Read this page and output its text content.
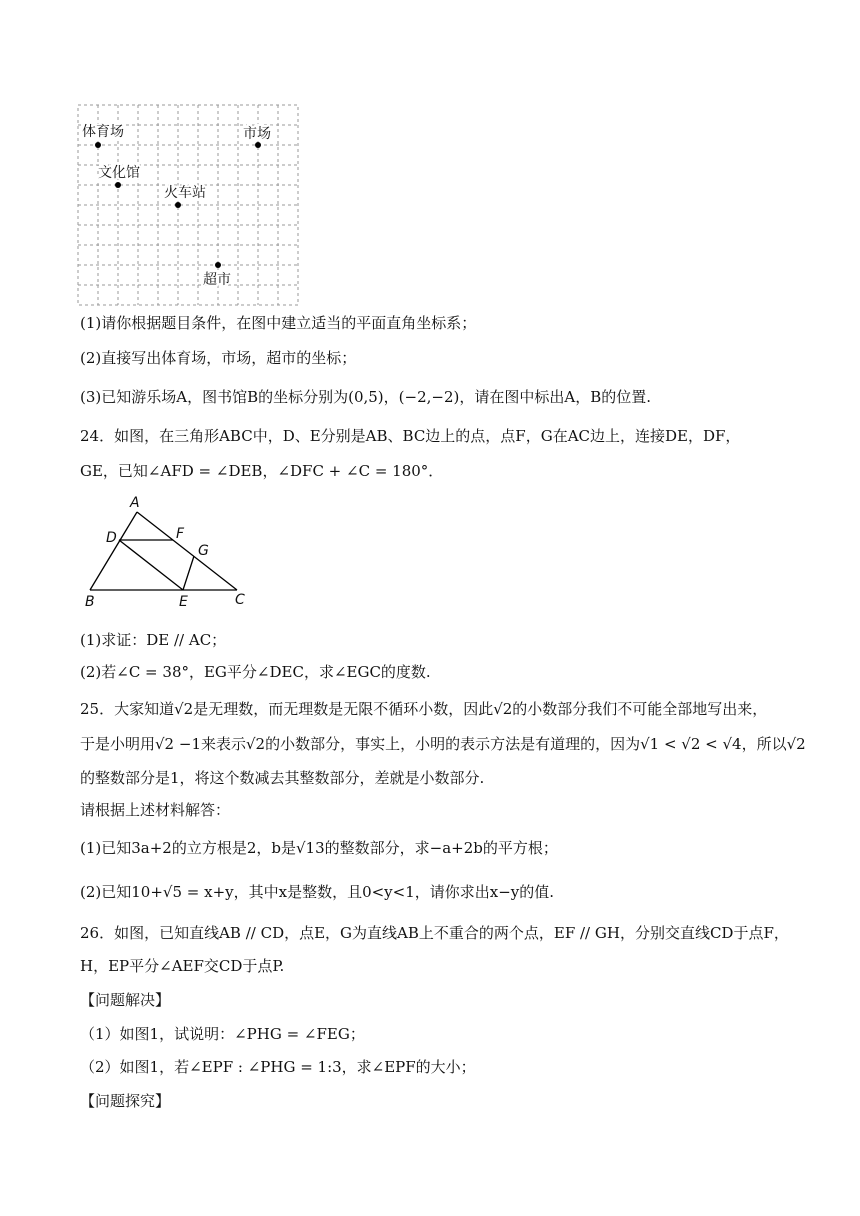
体育场	市场
文化馆
火车站
超市
(1)请你根据题目条件，在图中建立适当的平面直角坐标系；
(2)直接写出体育场，市场，超市的坐标；
(3)已知游乐场A，图书馆B的坐标分别为(0,5)，(−2,−2)，请在图中标出A，B的位置.
24．如图，在三角形ABC中，D、E分别是AB、BC边上的点，点F，G在AC边上，连接DE，DF，
GE，已知∠AFD = ∠DEB，∠DFC + ∠C = 180°．
A
D	F
G
B	E	C
(1)求证：DE // AC；
(2)若∠C = 38°，EG平分∠DEC，求∠EGC的度数.
25．大家知道√2是无理数，而无理数是无限不循环小数，因此√2的小数部分我们不可能全部地写出来，
于是小明用√2 −1来表示√2的小数部分，事实上，小明的表示方法是有道理的，因为√1 < √2 < √4，所以√2
的整数部分是1，将这个数减去其整数部分，差就是小数部分.
请根据上述材料解答：
(1)已知3a+2的立方根是2，b是√13的整数部分，求−a+2b的平方根；
(2)已知10+√5 = x+y，其中x是整数，且0<y<1，请你求出x−y的值.
26．如图，已知直线AB // CD，点E，G为直线AB上不重合的两个点，EF // GH，分别交直线CD于点F，
H，EP平分∠AEF交CD于点P.
【问题解决】
（1）如图1，试说明：∠PHG = ∠FEG；
（2）如图1，若∠EPF : ∠PHG = 1:3，求∠EPF的大小；
【问题探究】
